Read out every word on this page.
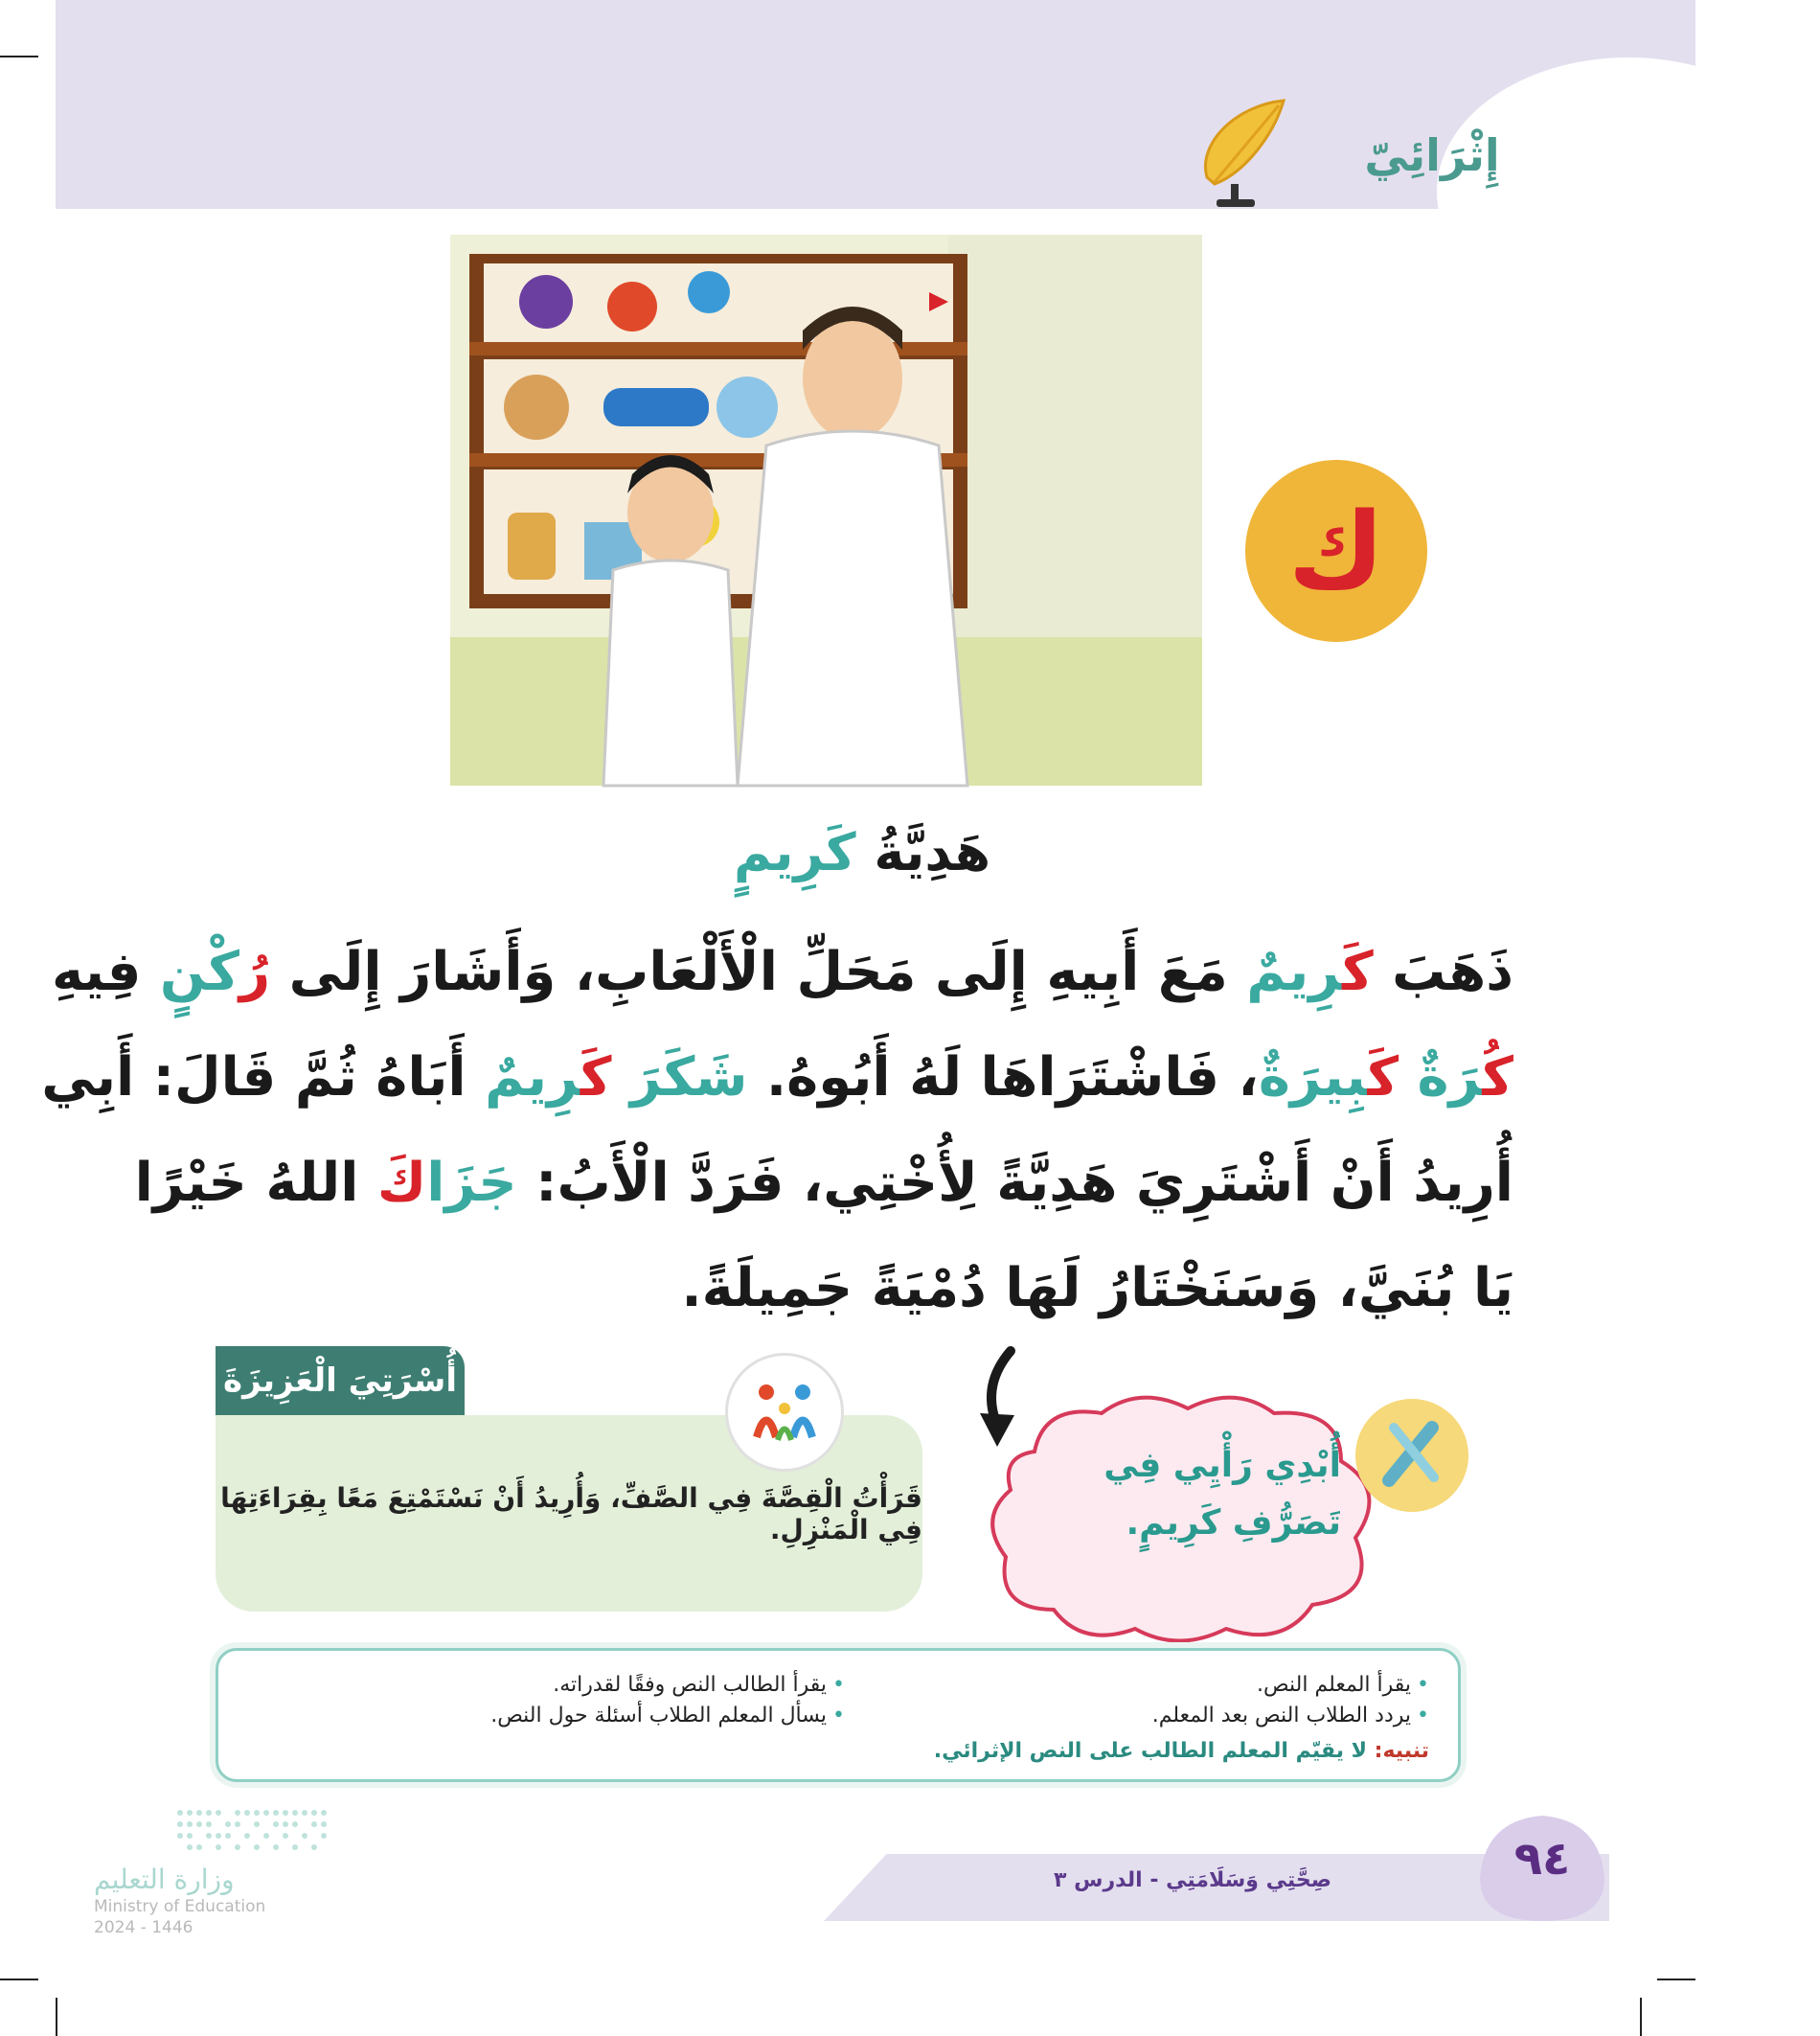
إِثْرَائِيّ
ك
هَدِيَّةُ كَرِيمٍ

ذَهَبَ كَرِيمٌ مَعَ أَبِيهِ إِلَى مَحَلِّ الْأَلْعَابِ، وَأَشَارَ إِلَى رُكْنٍ فِيهِ

كُرَةٌ كَبِيرَةٌ، فَاشْتَرَاهَا لَهُ أَبُوهُ. شَكَرَ كَرِيمٌ أَبَاهُ ثُمَّ قَالَ: أَبِي

أُرِيدُ أَنْ أَشْتَرِيَ هَدِيَّةً لِأُخْتِي، فَرَدَّ الْأَبُ: جَزَاكَ اللهُ خَيْرًا

يَا بُنَيَّ، وَسَنَخْتَارُ لَهَا دُمْيَةً جَمِيلَةً.

أُسْرَتِيَ الْعَزِيزَةَ
قَرَأْتُ الْقِصَّةَ فِي الصَّفِّ، وَأُرِيدُ أَنْ نَسْتَمْتِعَ مَعًا بِقِرَاءَتِهَا فِي الْمَنْزِلِ.
أُبْدِي رَأْيِي فِي
تَصَرُّفِ كَرِيمٍ.
• يقرأ المعلم النص.
• يردد الطلاب النص بعد المعلم.
• يقرأ الطالب النص وفقًا لقدراته.
• يسأل المعلم الطلاب أسئلة حول النص.
تنبيه: لا يقيّم المعلم الطالب على النص الإثرائي.
صِحَّتِي وَسَلَامَتِي - الدرس ٣	٩٤
وزارة التعليم
Ministry of Education
2024 - 1446
